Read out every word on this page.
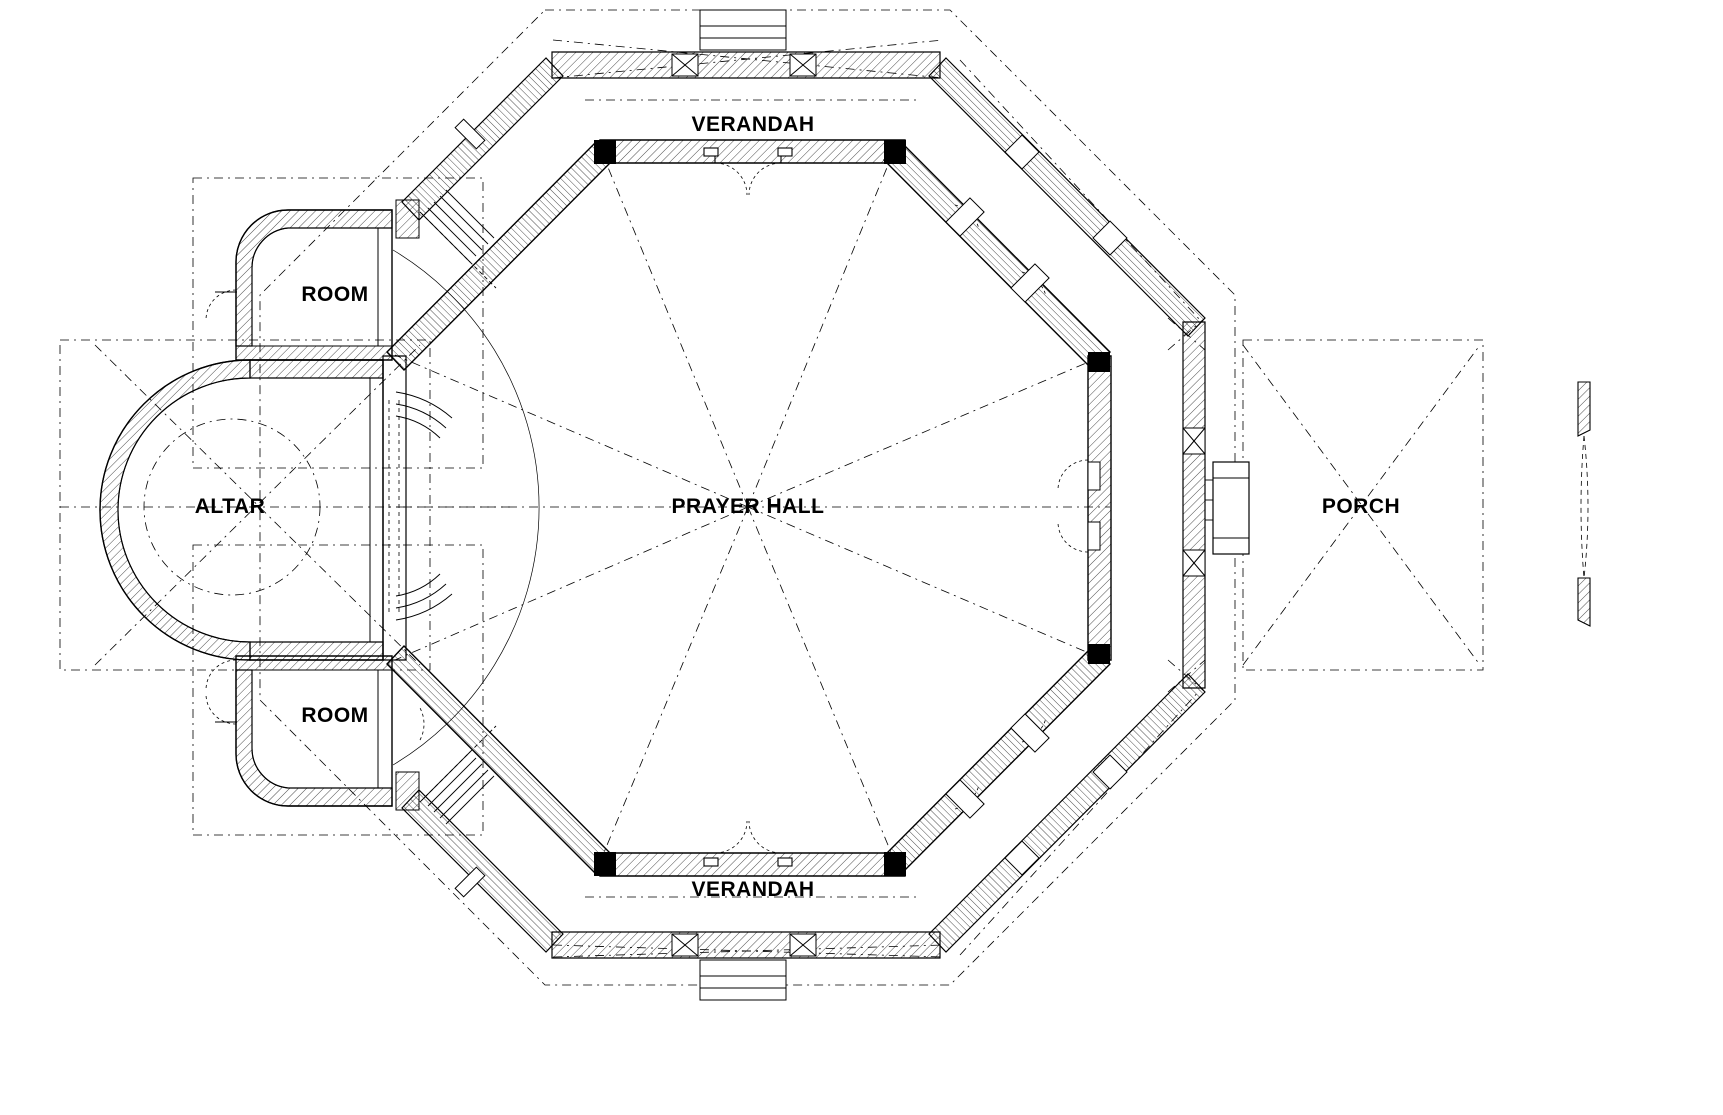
VERANDAH
VERANDAH
PRAYER HALL
ALTAR
ROOM
ROOM
PORCH
